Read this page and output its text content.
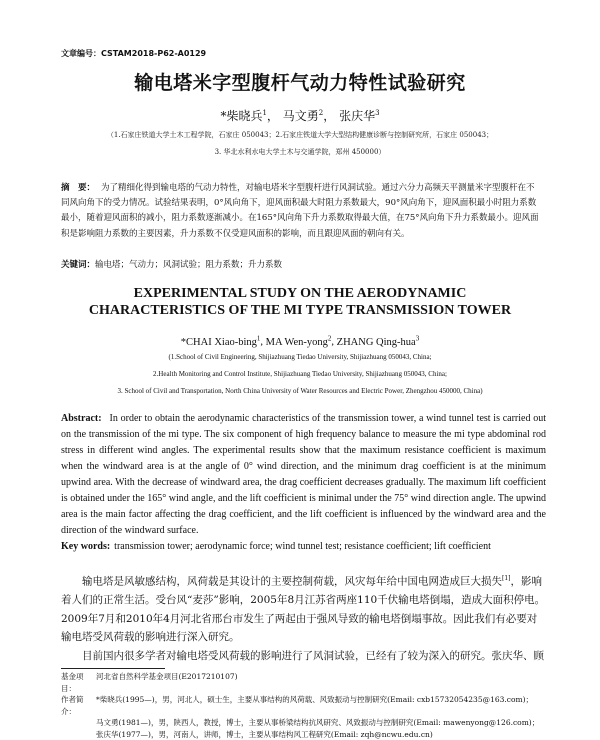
文章编号：CSTAM2018-P62-A0129
输电塔米字型腹杆气动力特性试验研究
*柴晓兵$^1$， 马文勇$^2$， 张庆华$^3$
（1.石家庄铁道大学土木工程学院，石家庄 050043；2.石家庄铁道大学大型结构健康诊断与控制研究所，石家庄 050043；
3. 华北水利水电大学土木与交通学院，郑州 450000）
摘　要： 为了精细化得到输电塔的气动力特性，对输电塔米字型腹杆进行风洞试验。通过六分力高频天平测量米字型腹杆在不同风向角下的受力情况。试验结果表明，0°风向角下，迎风面积最大时阻力系数最大，90°风向角下，迎风面积最小时阻力系数最小，随着迎风面积的减小，阻力系数逐渐减小。在165°风向角下升力系数取得最大值，在75°风向角下升力系数最小。迎风面积是影响阻力系数的主要因素，升力系数不仅受迎风面积的影响，而且跟迎风面的朝向有关。
关键词：输电塔；气动力；风洞试验；阻力系数；升力系数
EXPERIMENTAL STUDY ON THE AERODYNAMIC
CHARACTERISTICS OF THE MI TYPE TRANSMISSION TOWER
*CHAI Xiao-bing$^1$, MA Wen-yong$^2$, ZHANG Qing-hua$^3$
(1.School of Civil Engineering, Shijiazhuang Tiedao University, Shijiazhuang 050043, China;
2.Health Monitoring and Control Institute, Shijiazhuang Tiedao University, Shijiazhuang 050043, China;
3. School of Civil and Transportation, North China University of Water Resources and Electric Power, Zhengzhou 450000, China)
Abstract: In order to obtain the aerodynamic characteristics of the transmission tower, a wind tunnel test is carried out on the transmission of the mi type. The six component of high frequency balance to measure the mi type abdominal rod stress in different wind angles. The experimental results show that the maximum resistance coefficient is maximum when the windward area is at the angle of 0° wind direction, and the minimum drag coefficient is at the minimum upwind area. With the decrease of windward area, the drag coefficient decreases gradually. The maximum lift coefficient is obtained under the 165° wind angle, and the lift coefficient is minimal under the 75° wind direction angle. The upwind area is the main factor affecting the drag coefficient, and the lift coefficient is influenced by the windward area and the direction of the windward surface.
Key words: transmission tower; aerodynamic force; wind tunnel test; resistance coefficient; lift coefficient

输电塔是风敏感结构，风荷载是其设计的主要控制荷载，风灾每年给中国电网造成巨大损失[1]，影响着人们的正常生活。受台风“麦莎”影响，2005年8月江苏省两座110千伏输电塔倒塌，造成大面积停电。2009年7月和2010年4月河北省邢台市发生了两起由于强风导致的输电塔倒塌事故。因此我们有必要对输电塔受风荷载的影响进行深入研究。

目前国内很多学者对输电塔受风荷载的影响进行了风洞试验，已经有了较为深入的研究。张庆华、顾

基金项目：
河北省自然科学基金项目(E2017210107)
作者简介：
*柴晓兵(1995—)，男，河北人，硕士生，主要从事结构的风荷载、风致振动与控制研究(Email: cxb15732054235@163.com)；
马文勇(1981—)，男，陕西人，教授，博士，主要从事桥梁结构抗风研究、风致振动与控制研究(Email: mawenyong@126.com)；
张庆华(1977—)，男，河南人，讲师，博士，主要从事结构风工程研究(Email: zqh@ncwu.edu.cn)
